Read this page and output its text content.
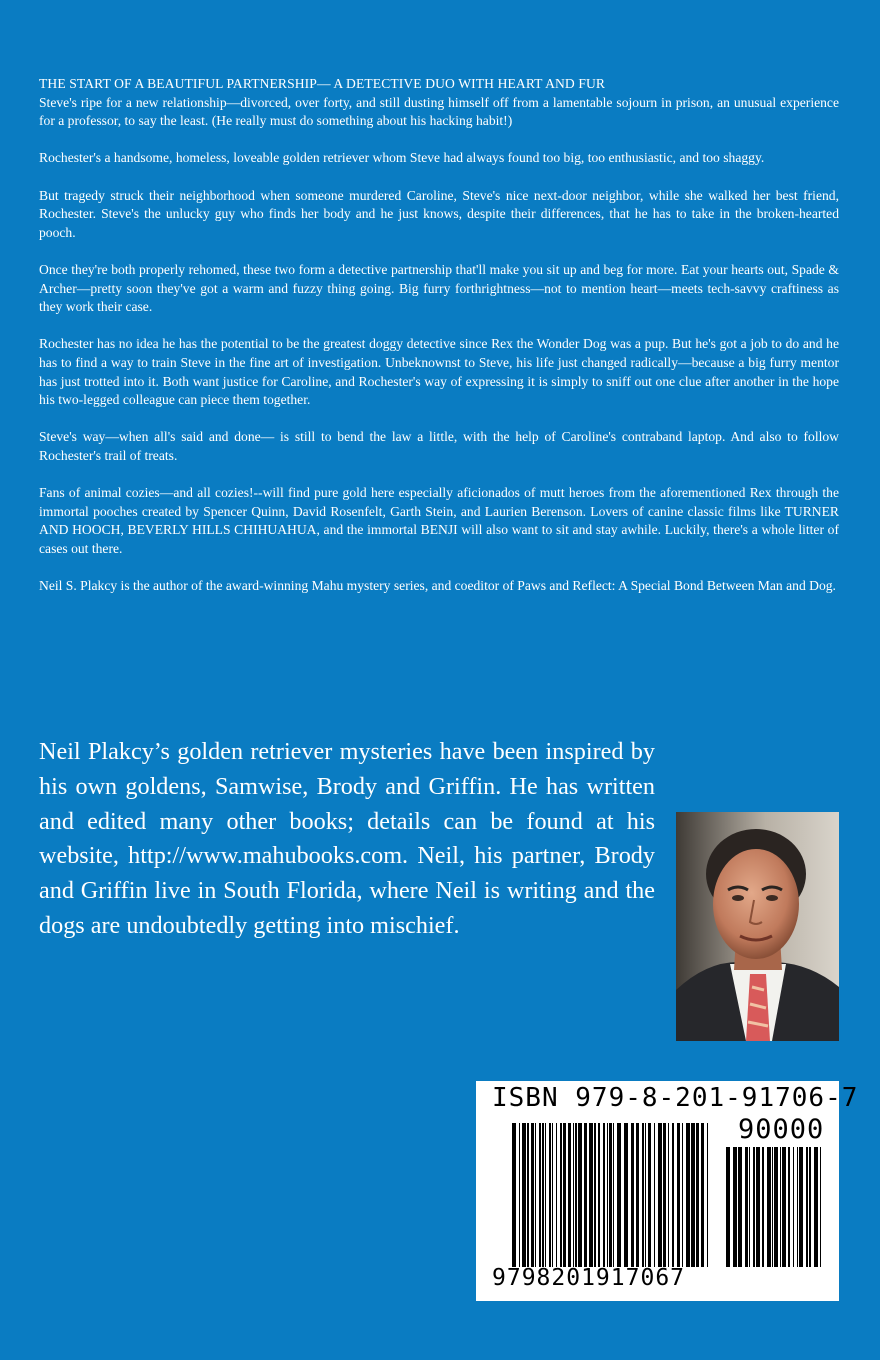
THE START OF A BEAUTIFUL PARTNERSHIP— A DETECTIVE DUO WITH HEART AND FUR

Steve's ripe for a new relationship—divorced, over forty, and still dusting himself off from a lamentable sojourn in prison, an unusual experience for a professor, to say the least. (He really must do something about his hacking habit!)

Rochester's a handsome, homeless, loveable golden retriever whom Steve had always found too big, too enthusiastic, and too shaggy.

But tragedy struck their neighborhood when someone murdered Caroline, Steve's nice next-door neighbor, while she walked her best friend, Rochester. Steve's the unlucky guy who finds her body and he just knows, despite their differences, that he has to take in the broken-hearted pooch.

Once they're both properly rehomed, these two form a detective partnership that'll make you sit up and beg for more. Eat your hearts out, Spade & Archer—pretty soon they've got a warm and fuzzy thing going. Big furry forthrightness—not to mention heart—meets tech-savvy craftiness as they work their case.

Rochester has no idea he has the potential to be the greatest doggy detective since Rex the Wonder Dog was a pup. But he's got a job to do and he has to find a way to train Steve in the fine art of investigation. Unbeknownst to Steve, his life just changed radically—because a big furry mentor has just trotted into it. Both want justice for Caroline, and Rochester's way of expressing it is simply to sniff out one clue after another in the hope his two-legged colleague can piece them together.

Steve's way—when all's said and done— is still to bend the law a little, with the help of Caroline's contraband laptop. And also to follow Rochester's trail of treats.

Fans of animal cozies—and all cozies!--will find pure gold here especially aficionados of mutt heroes from the aforementioned Rex through the immortal pooches created by Spencer Quinn, David Rosenfelt, Garth Stein, and Laurien Berenson. Lovers of canine classic films like TURNER AND HOOCH, BEVERLY HILLS CHIHUAHUA, and the immortal BENJI will also want to sit and stay awhile. Luckily, there's a whole litter of cases out there.

Neil S. Plakcy is the author of the award-winning Mahu mystery series, and coeditor of Paws and Reflect: A Special Bond Between Man and Dog.

Neil Plakcy’s golden retriever mysteries have been inspired by his own goldens, Samwise, Brody and Griffin. He has written and edited many other books; details can be found at his website, http://www.mahubooks.com. Neil, his partner, Brody and Griffin live in South Florida, where Neil is writing and the dogs are undoubtedly getting into mischief.

ISBN 979-8-201-91706-7
90000
9798201917067
